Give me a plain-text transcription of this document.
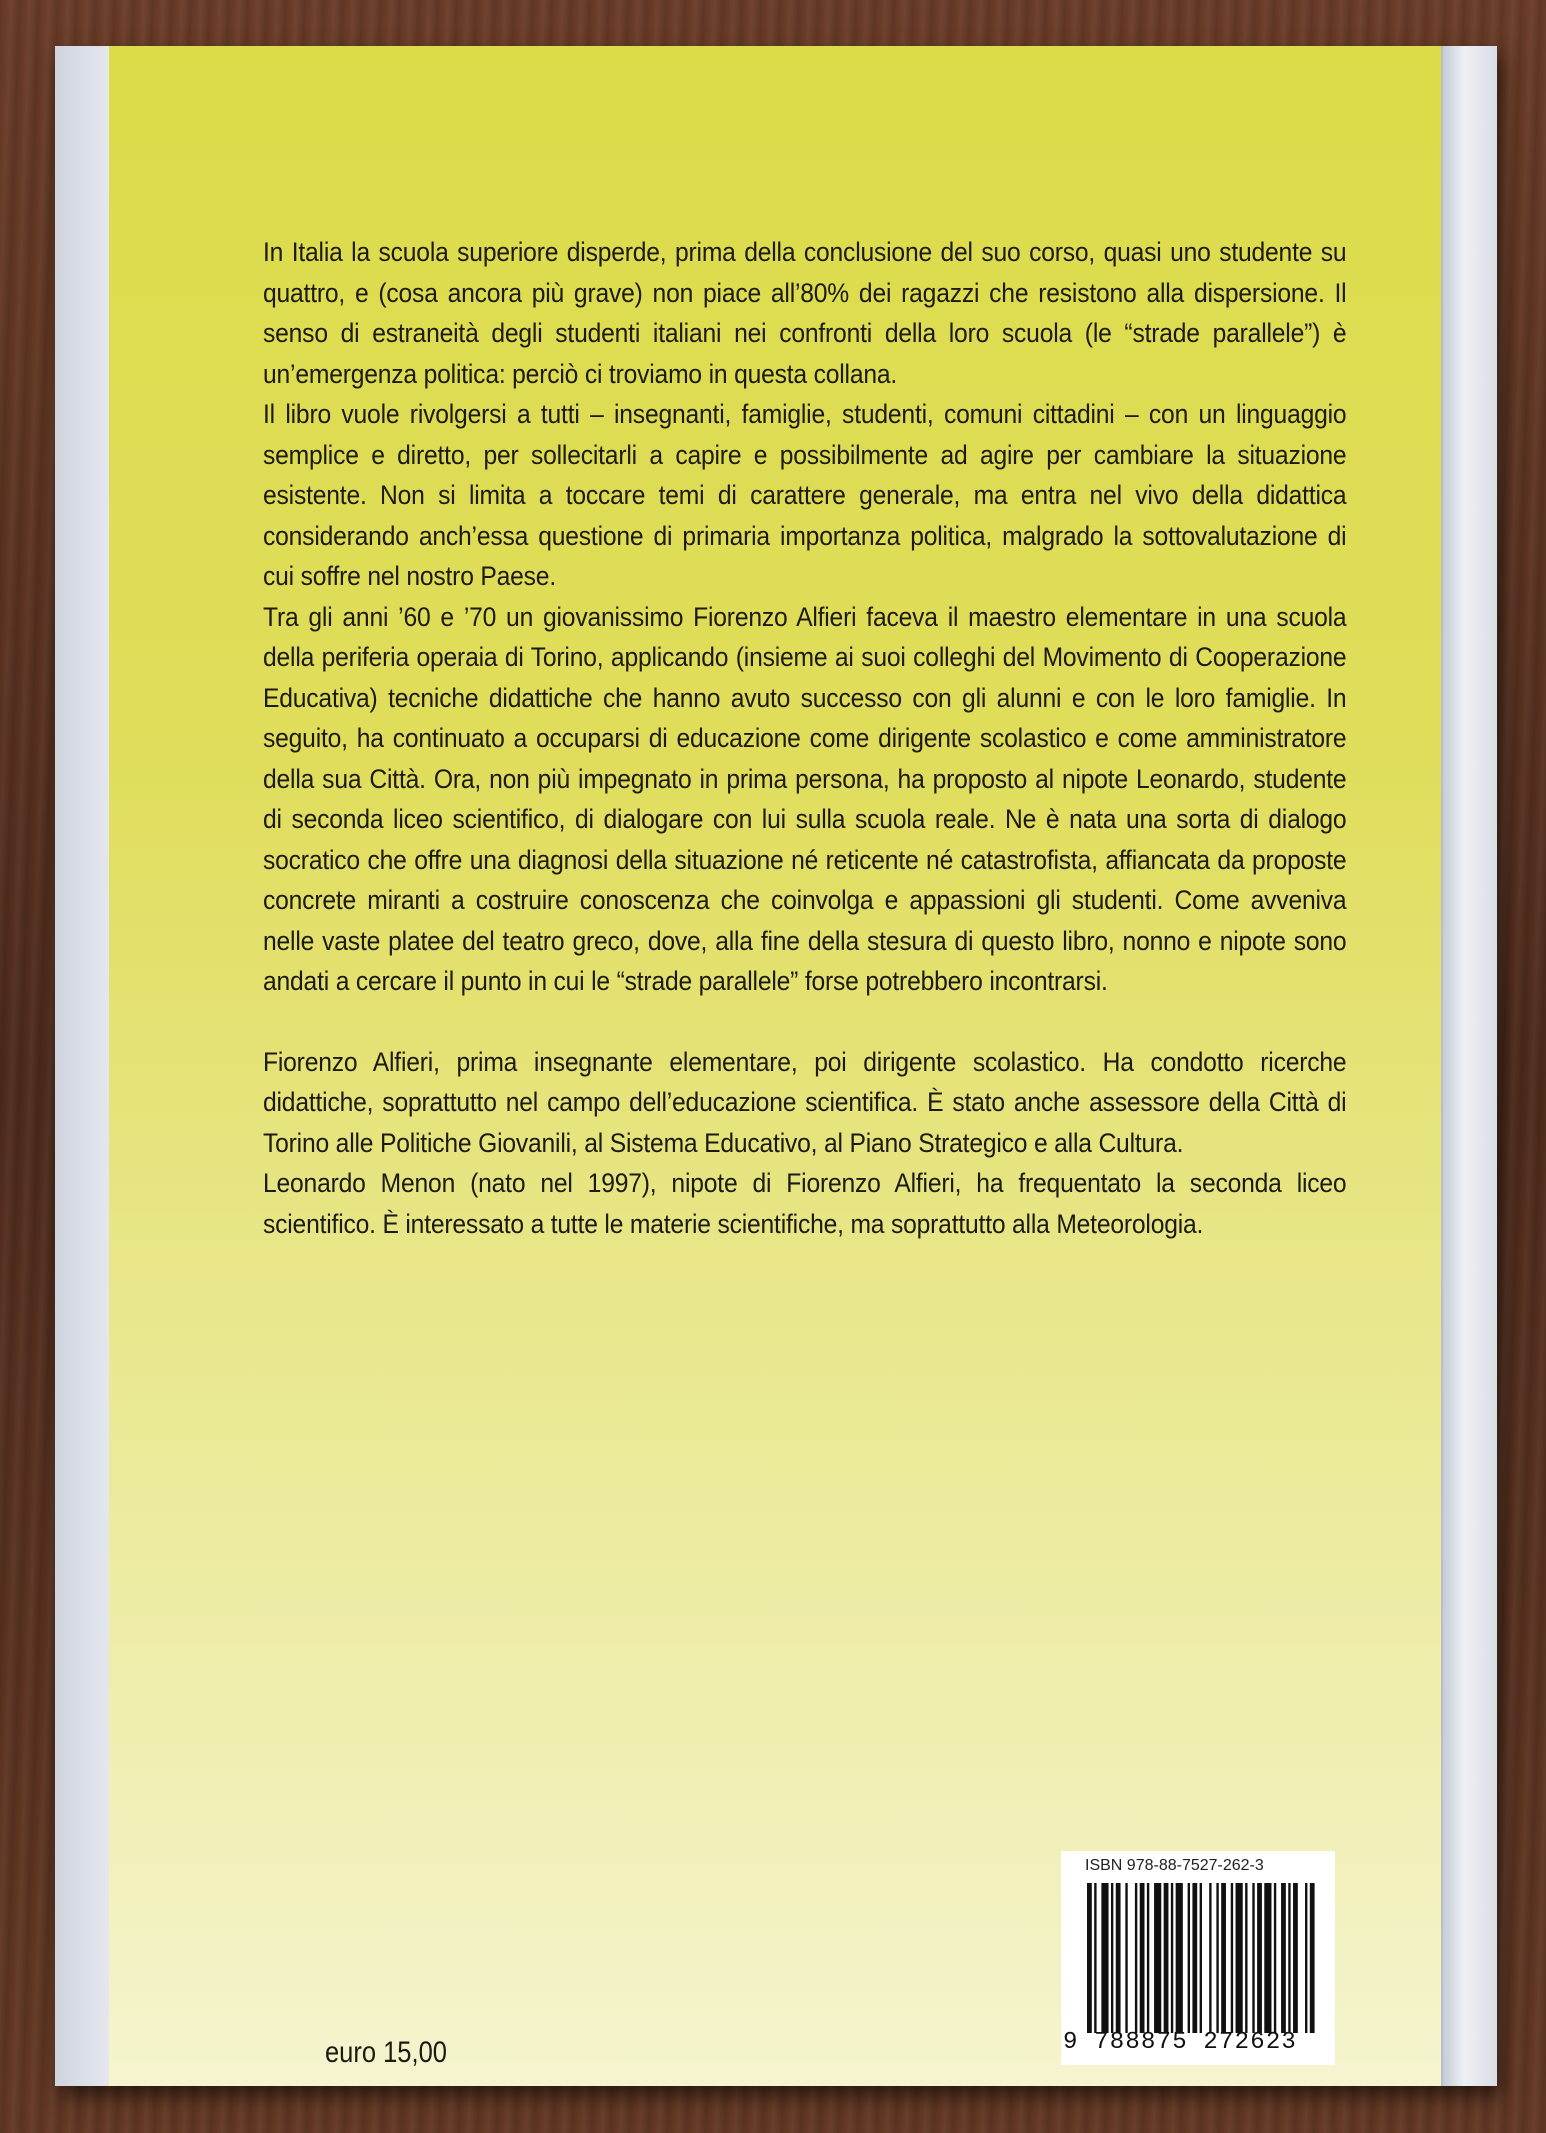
In Italia la scuola superiore disperde, prima della conclusione del suo corso, quasi uno studente su quattro, e (cosa ancora più grave) non piace all’80% dei ragazzi che resistono alla dispersione. Il senso di estraneità degli studenti italiani nei confronti della loro scuola (le “strade parallele”) è un’emergenza politica: perciò ci troviamo in questa collana.

Il libro vuole rivolgersi a tutti – insegnanti, famiglie, studenti, comuni cittadini – con un linguaggio semplice e diretto, per sollecitarli a capire e possibilmente ad agire per cambiare la situazione esistente. Non si limita a toccare temi di carattere generale, ma entra nel vivo della didattica considerando anch’essa questione di primaria importanza politica, malgrado la sottovalutazione di cui soffre nel nostro Paese.

Tra gli anni ’60 e ’70 un giovanissimo Fiorenzo Alfieri faceva il maestro elementare in una scuola della periferia operaia di Torino, applicando (insieme ai suoi colleghi del Movimento di Cooperazione Educativa) tecniche didattiche che hanno avuto successo con gli alunni e con le loro famiglie. In seguito, ha continuato a occuparsi di educazione come dirigente scolastico e come amministratore della sua Città. Ora, non più impegnato in prima persona, ha proposto al nipote Leonardo, studente di seconda liceo scientifico, di dialogare con lui sulla scuola reale. Ne è nata una sorta di dialogo socratico che offre una diagnosi della situazione né reticente né catastrofista, affiancata da proposte concrete miranti a costruire conoscenza che coinvolga e appassioni gli studenti. Come avveniva nelle vaste platee del teatro greco, dove, alla fine della stesura di questo libro, nonno e nipote sono andati a cercare il punto in cui le “strade parallele” forse potrebbero incontrarsi.

Fiorenzo Alfieri, prima insegnante elementare, poi dirigente scolastico. Ha condotto ricerche didattiche, soprattutto nel campo dell’educazione scientifica. È stato anche assessore della Città di Torino alle Politiche Giovanili, al Sistema Educativo, al Piano Strategico e alla Cultura.

Leonardo Menon (nato nel 1997), nipote di Fiorenzo Alfieri, ha frequentato la seconda liceo scientifico. È interessato a tutte le materie scientifiche, ma soprattutto alla Meteorologia.

euro 15,00
ISBN 978-88-7527-262-3
9 788875 272623
